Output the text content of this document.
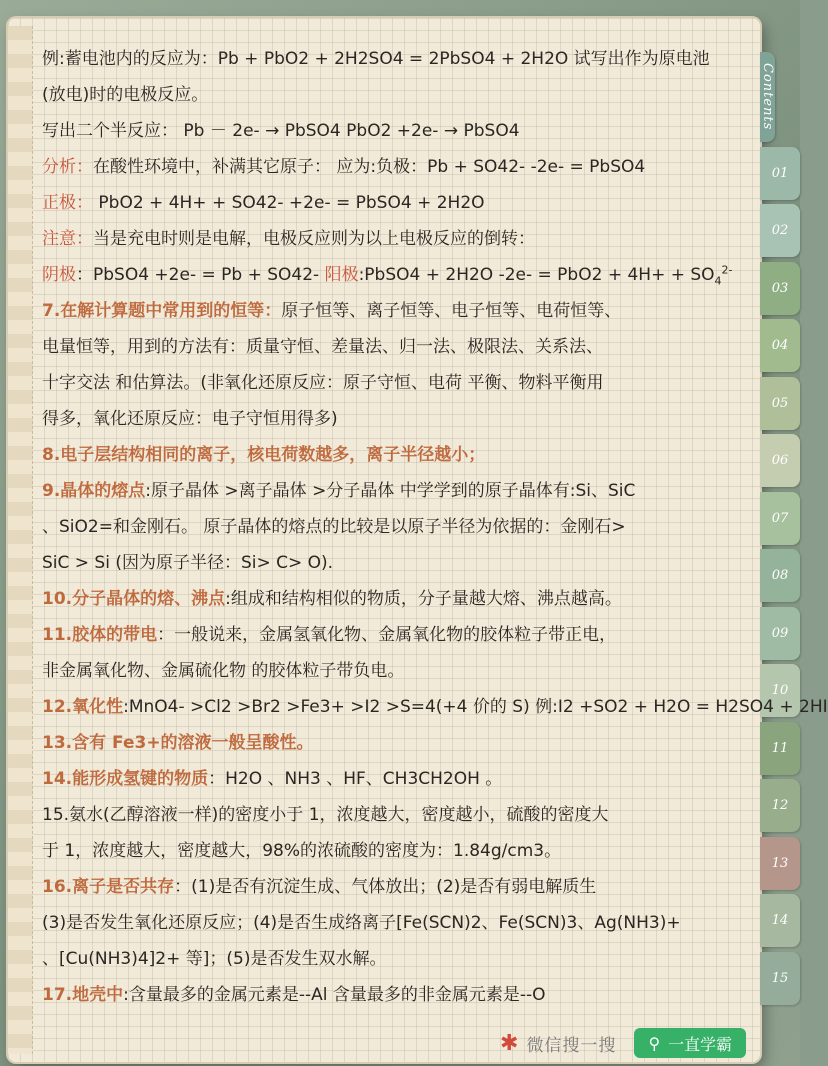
Contents
01
02
03
04
05
06
07
08
09
10
11
12
13
14
15
例:蓄电池内的反应为：Pb + PbO2 + 2H2SO4 = 2PbSO4 + 2H2O 试写出作为原电池
(放电)时的电极反应。
写出二个半反应： Pb － 2e- → PbSO4 PbO2 +2e- → PbSO4
分析：在酸性环境中，补满其它原子： 应为:负极：Pb + SO42- -2e- = PbSO4
正极： PbO2 + 4H+ + SO42- +2e- = PbSO4 + 2H2O
注意：当是充电时则是电解，电极反应则为以上电极反应的倒转：
阴极：PbSO4 +2e- = Pb + SO42- 阳极:PbSO4 + 2H2O $-2e- = PbO2 + 4H+ + SO_4^{2-}$
7.在解计算题中常用到的恒等：原子恒等、离子恒等、电子恒等、电荷恒等、
电量恒等，用到的方法有：质量守恒、差量法、归一法、极限法、关系法、
十字交法 和估算法。(非氧化还原反应：原子守恒、电荷 平衡、物料平衡用
得多，氧化还原反应：电子守恒用得多)
8.电子层结构相同的离子，核电荷数越多，离子半径越小；
9.晶体的熔点:原子晶体 >离子晶体 >分子晶体 中学学到的原子晶体有:Si、SiC
、SiO2=和金刚石。 原子晶体的熔点的比较是以原子半径为依据的：金刚石>
SiC > Si (因为原子半径：Si> C> O).
10.分子晶体的熔、沸点:组成和结构相似的物质，分子量越大熔、沸点越高。
11.胶体的带电：一般说来，金属氢氧化物、金属氧化物的胶体粒子带正电，
非金属氧化物、金属硫化物 的胶体粒子带负电。
12.氧化性:MnO4- >Cl2 >Br2 >Fe3+ >I2 >S=4(+4 价的 S) 例:I2 +SO2 + H2O = H2SO4 + 2HI
13.含有 Fe3+的溶液一般呈酸性。
14.能形成氢键的物质：H2O 、NH3 、HF、CH3CH2OH 。
15.氨水(乙醇溶液一样)的密度小于 1，浓度越大，密度越小，硫酸的密度大
于 1，浓度越大，密度越大，98%的浓硫酸的密度为：1.84g/cm3。
16.离子是否共存：(1)是否有沉淀生成、气体放出；(2)是否有弱电解质生
(3)是否发生氧化还原反应；(4)是否生成络离子[Fe(SCN)2、Fe(SCN)3、Ag(NH3)+
、[Cu(NH3)4]2+ 等]；(5)是否发生双水解。
17.地壳中:含量最多的金属元素是--Al 含量最多的非金属元素是--O
✱ 微信搜一搜 ⚲ 一直学霸
